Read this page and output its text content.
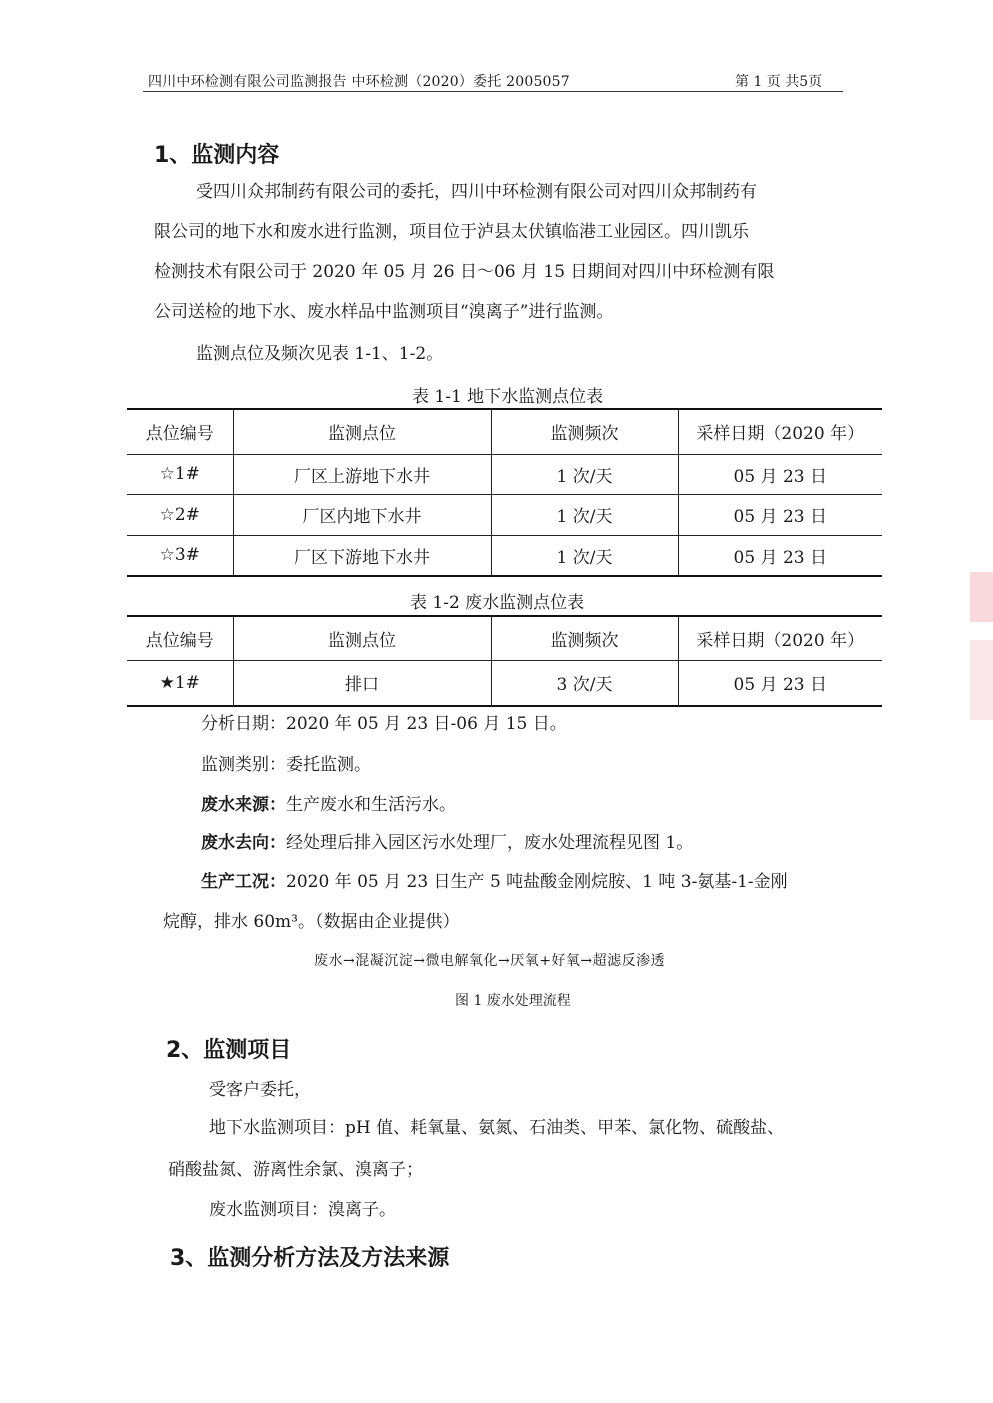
四川中环检测有限公司监测报告 中环检测（2020）委托 2005057	第 1 页 共5页
1、监测内容
受四川众邦制药有限公司的委托，四川中环检测有限公司对四川众邦制药有
限公司的地下水和废水进行监测，项目位于泸县太伏镇临港工业园区。四川凯乐
检测技术有限公司于 2020 年 05 月 26 日～06 月 15 日期间对四川中环检测有限
公司送检的地下水、废水样品中监测项目“溴离子”进行监测。
监测点位及频次见表 1-1、1-2。
表 1-1 地下水监测点位表
点位编号	监测点位	监测频次	采样日期（2020 年）
☆1#	厂区上游地下水井	1 次/天	05 月 23 日
☆2#	厂区内地下水井	1 次/天	05 月 23 日
☆3#	厂区下游地下水井	1 次/天	05 月 23 日
表 1-2 废水监测点位表
点位编号	监测点位	监测频次	采样日期（2020 年）
★1#	排口	3 次/天	05 月 23 日
分析日期：2020 年 05 月 23 日-06 月 15 日。
监测类别：委托监测。
废水来源：生产废水和生活污水。
废水去向：经处理后排入园区污水处理厂，废水处理流程见图 1。
生产工况：2020 年 05 月 23 日生产 5 吨盐酸金刚烷胺、1 吨 3-氨基-1-金刚
烷醇，排水 60m³。（数据由企业提供）
废水→混凝沉淀→微电解氧化→厌氧+好氧→超滤反渗透
图 1 废水处理流程
2、监测项目
受客户委托，
地下水监测项目：pH 值、耗氧量、氨氮、石油类、甲苯、氯化物、硫酸盐、
硝酸盐氮、游离性余氯、溴离子；
废水监测项目：溴离子。
3、监测分析方法及方法来源
